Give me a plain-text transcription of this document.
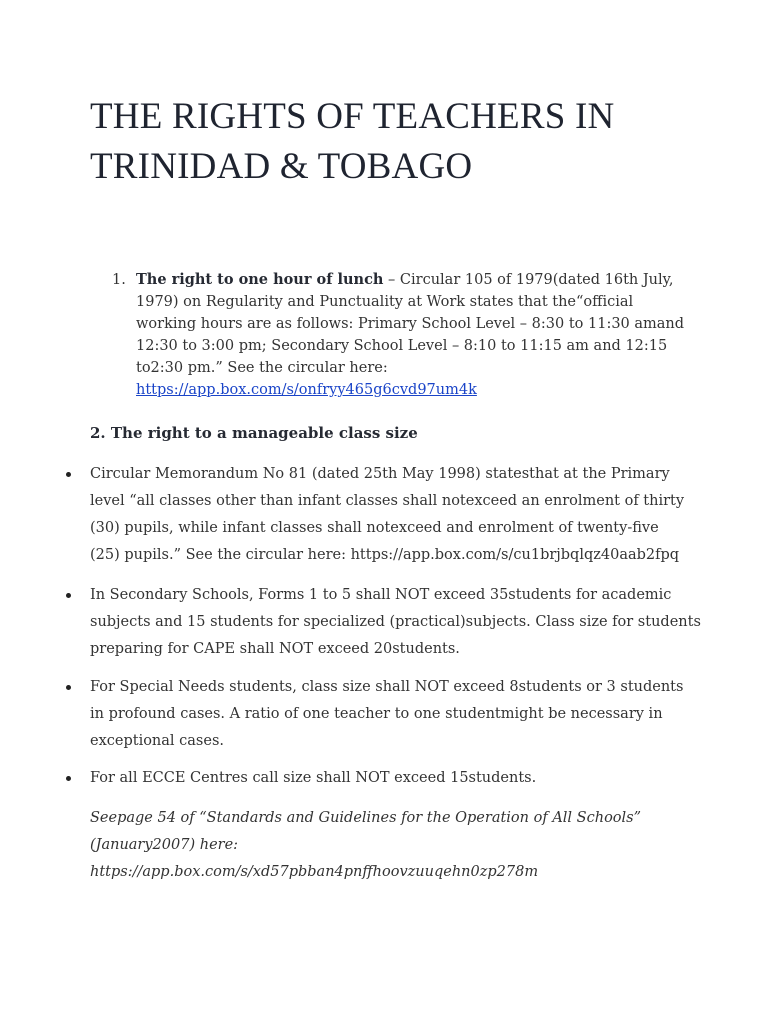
THE RIGHTS OF TEACHERS IN
TRINIDAD & TOBAGO
1. The right to one hour of lunch – Circular 105 of 1979(dated 16th July,
1979) on Regularity and Punctuality at Work states that the“official
working hours are as follows: Primary School Level – 8:30 to 11:30 amand
12:30 to 3:00 pm; Secondary School Level – 8:10 to 11:15 am and 12:15
to2:30 pm.” See the circular here:
https://app.box.com/s/onfryy465g6cvd97um4k
2. The right to a manageable class size
Circular Memorandum No 81 (dated 25th May 1998) statesthat at the Primary
level “all classes other than infant classes shall notexceed an enrolment of thirty
(30) pupils, while infant classes shall notexceed and enrolment of twenty-five
(25) pupils.” See the circular here: https://app.box.com/s/cu1brjbqlqz40aab2fpq
In Secondary Schools, Forms 1 to 5 shall NOT exceed 35students for academic
subjects and 15 students for specialized (practical)subjects. Class size for students
preparing for CAPE shall NOT exceed 20students.
For Special Needs students, class size shall NOT exceed 8students or 3 students
in profound cases. A ratio of one teacher to one studentmight be necessary in
exceptional cases.
For all ECCE Centres call size shall NOT exceed 15students.
Seepage 54 of “Standards and Guidelines for the Operation of All Schools”
(January2007) here:
https://app.box.com/s/xd57pbban4pnffhoovzuuqehn0zp278m
